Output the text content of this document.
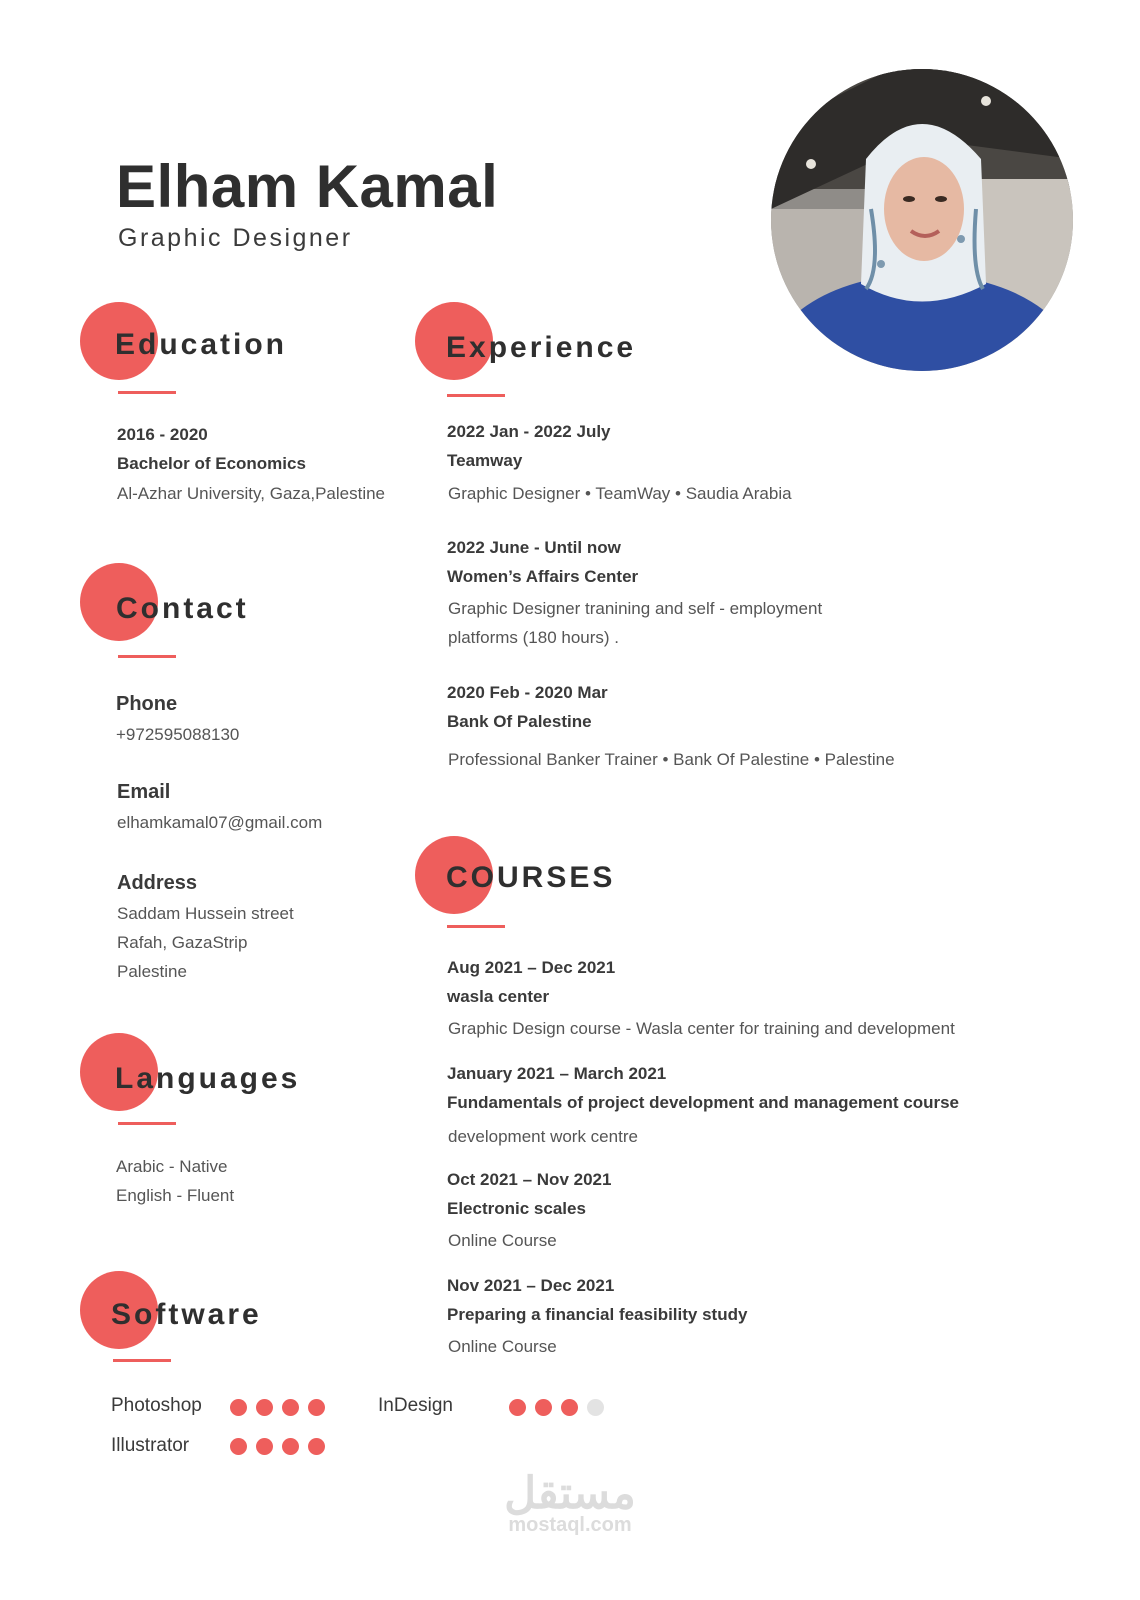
Elham Kamal
Graphic Designer
Education
2016 - 2020
Bachelor of Economics
Al-Azhar University, Gaza,Palestine
Experience
2022 Jan - 2022 July
Teamway
Graphic Designer • TeamWay • Saudia Arabia
2022 June - Until now
Women’s Affairs Center
Graphic Designer tranining and self - employment
platforms (180 hours) .
2020 Feb - 2020 Mar
Bank Of Palestine
Professional Banker Trainer • Bank Of Palestine • Palestine
Contact
Phone
+972595088130
Email
elhamkamal07@gmail.com
Address
Saddam Hussein street
Rafah, GazaStrip
Palestine
COURSES
Aug 2021 – Dec 2021
wasla center
Graphic Design course - Wasla center for training and development
January 2021 – March 2021
Fundamentals of project development and management course
development work centre
Oct 2021 – Nov 2021
Electronic scales
Online Course
Nov 2021 – Dec 2021
Preparing a financial feasibility study
Online Course
Languages
Arabic - Native
English - Fluent
Software
Photoshop	InDesign
Illustrator
مستقل
mostaql.com
